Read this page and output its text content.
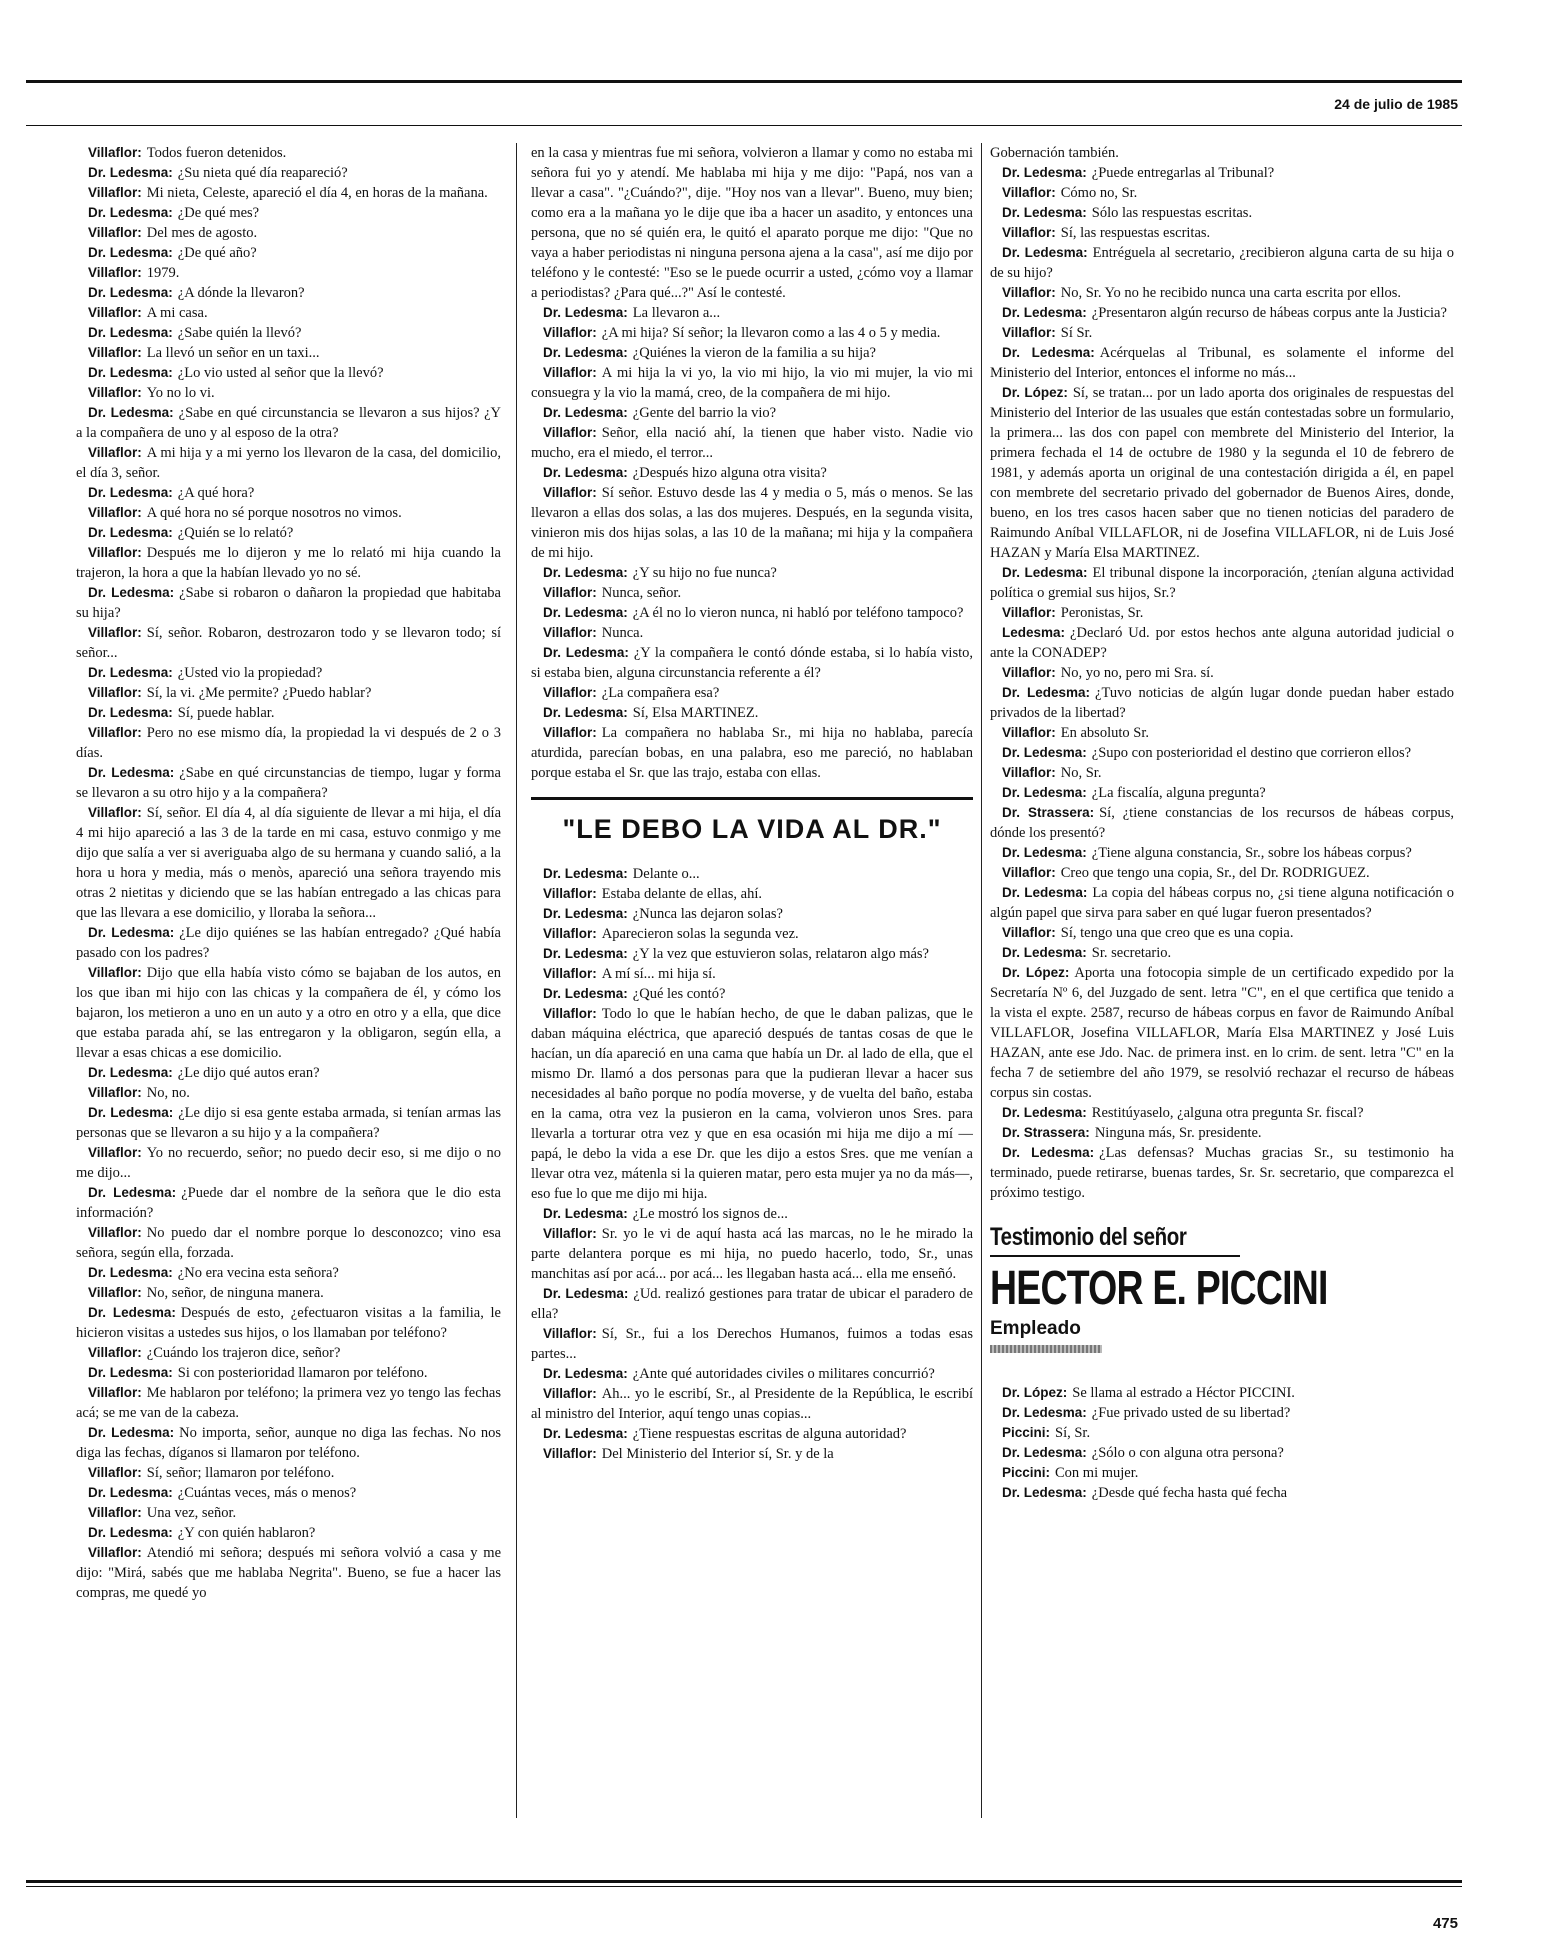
24 de julio de 1985

Villaflor: Todos fueron detenidos.

Dr. Ledesma: ¿Su nieta qué día reapareció?

Villaflor: Mi nieta, Celeste, apareció el día 4, en horas de la mañana.

Dr. Ledesma: ¿De qué mes?

Villaflor: Del mes de agosto.

Dr. Ledesma: ¿De qué año?

Villaflor: 1979.

Dr. Ledesma: ¿A dónde la llevaron?

Villaflor: A mi casa.

Dr. Ledesma: ¿Sabe quién la llevó?

Villaflor: La llevó un señor en un taxi...

Dr. Ledesma: ¿Lo vio usted al señor que la llevó?

Villaflor: Yo no lo vi.

Dr. Ledesma: ¿Sabe en qué circunstancia se llevaron a sus hijos? ¿Y a la compañera de uno y al esposo de la otra?

Villaflor: A mi hija y a mi yerno los llevaron de la casa, del domicilio, el día 3, señor.

Dr. Ledesma: ¿A qué hora?

Villaflor: A qué hora no sé porque nosotros no vimos.

Dr. Ledesma: ¿Quién se lo relató?

Villaflor: Después me lo dijeron y me lo relató mi hija cuando la trajeron, la hora a que la habían llevado yo no sé.

Dr. Ledesma: ¿Sabe si robaron o dañaron la propiedad que habitaba su hija?

Villaflor: Sí, señor. Robaron, destrozaron todo y se llevaron todo; sí señor...

Dr. Ledesma: ¿Usted vio la propiedad?

Villaflor: Sí, la vi. ¿Me permite? ¿Puedo hablar?

Dr. Ledesma: Sí, puede hablar.

Villaflor: Pero no ese mismo día, la propiedad la vi después de 2 o 3 días.

Dr. Ledesma: ¿Sabe en qué circunstancias de tiempo, lugar y forma se llevaron a su otro hijo y a la compañera?

Villaflor: Sí, señor. El día 4, al día siguiente de llevar a mi hija, el día 4 mi hijo apareció a las 3 de la tarde en mi casa, estuvo conmigo y me dijo que salía a ver si averiguaba algo de su hermana y cuando salió, a la hora u hora y media, más o menòs, apareció una señora trayendo mis otras 2 nietitas y diciendo que se las habían entregado a las chicas para que las llevara a ese domicilio, y lloraba la señora...

Dr. Ledesma: ¿Le dijo quiénes se las habían entregado? ¿Qué había pasado con los padres?

Villaflor: Dijo que ella había visto cómo se bajaban de los autos, en los que iban mi hijo con las chicas y la compañera de él, y cómo los bajaron, los metieron a uno en un auto y a otro en otro y a ella, que dice que estaba parada ahí, se las entregaron y la obligaron, según ella, a llevar a esas chicas a ese domicilio.

Dr. Ledesma: ¿Le dijo qué autos eran?

Villaflor: No, no.

Dr. Ledesma: ¿Le dijo si esa gente estaba armada, si tenían armas las personas que se llevaron a su hijo y a la compañera?

Villaflor: Yo no recuerdo, señor; no puedo decir eso, si me dijo o no me dijo...

Dr. Ledesma: ¿Puede dar el nombre de la señora que le dio esta información?

Villaflor: No puedo dar el nombre porque lo desconozco; vino esa señora, según ella, forzada.

Dr. Ledesma: ¿No era vecina esta señora?

Villaflor: No, señor, de ninguna manera.

Dr. Ledesma: Después de esto, ¿efectuaron visitas a la familia, le hicieron visitas a ustedes sus hijos, o los llamaban por teléfono?

Villaflor: ¿Cuándo los trajeron dice, señor?

Dr. Ledesma: Si con posterioridad llamaron por teléfono.

Villaflor: Me hablaron por teléfono; la primera vez yo tengo las fechas acá; se me van de la cabeza.

Dr. Ledesma: No importa, señor, aunque no diga las fechas. No nos diga las fechas, díganos si llamaron por teléfono.

Villaflor: Sí, señor; llamaron por teléfono.

Dr. Ledesma: ¿Cuántas veces, más o menos?

Villaflor: Una vez, señor.

Dr. Ledesma: ¿Y con quién hablaron?

Villaflor: Atendió mi señora; después mi señora volvió a casa y me dijo: "Mirá, sabés que me hablaba Negrita". Bueno, se fue a hacer las compras, me quedé yo

en la casa y mientras fue mi señora, volvieron a llamar y como no estaba mi señora fui yo y atendí. Me hablaba mi hija y me dijo: "Papá, nos van a llevar a casa". "¿Cuándo?", dije. "Hoy nos van a llevar". Bueno, muy bien; como era a la mañana yo le dije que iba a hacer un asadito, y entonces una persona, que no sé quién era, le quitó el aparato porque me dijo: "Que no vaya a haber periodistas ni ninguna persona ajena a la casa", así me dijo por teléfono y le contesté: "Eso se le puede ocurrir a usted, ¿cómo voy a llamar a periodistas? ¿Para qué...?" Así le contesté.

Dr. Ledesma: La llevaron a...

Villaflor: ¿A mi hija? Sí señor; la llevaron como a las 4 o 5 y media.

Dr. Ledesma: ¿Quiénes la vieron de la familia a su hija?

Villaflor: A mi hija la vi yo, la vio mi hijo, la vio mi mujer, la vio mi consuegra y la vio la mamá, creo, de la compañera de mi hijo.

Dr. Ledesma: ¿Gente del barrio la vio?

Villaflor: Señor, ella nació ahí, la tienen que haber visto. Nadie vio mucho, era el miedo, el terror...

Dr. Ledesma: ¿Después hizo alguna otra visita?

Villaflor: Sí señor. Estuvo desde las 4 y media o 5, más o menos. Se las llevaron a ellas dos solas, a las dos mujeres. Después, en la segunda visita, vinieron mis dos hijas solas, a las 10 de la mañana; mi hija y la compañera de mi hijo.

Dr. Ledesma: ¿Y su hijo no fue nunca?

Villaflor: Nunca, señor.

Dr. Ledesma: ¿A él no lo vieron nunca, ni habló por teléfono tampoco?

Villaflor: Nunca.

Dr. Ledesma: ¿Y la compañera le contó dónde estaba, si lo había visto, si estaba bien, alguna circunstancia referente a él?

Villaflor: ¿La compañera esa?

Dr. Ledesma: Sí, Elsa MARTINEZ.

Villaflor: La compañera no hablaba Sr., mi hija no hablaba, parecía aturdida, parecían bobas, en una palabra, eso me pareció, no hablaban porque estaba el Sr. que las trajo, estaba con ellas.

"LE DEBO LA VIDA AL DR."

Dr. Ledesma: Delante o...

Villaflor: Estaba delante de ellas, ahí.

Dr. Ledesma: ¿Nunca las dejaron solas?

Villaflor: Aparecieron solas la segunda vez.

Dr. Ledesma: ¿Y la vez que estuvieron solas, relataron algo más?

Villaflor: A mí sí... mi hija sí.

Dr. Ledesma: ¿Qué les contó?

Villaflor: Todo lo que le habían hecho, de que le daban palizas, que le daban máquina eléctrica, que apareció después de tantas cosas de que le hacían, un día apareció en una cama que había un Dr. al lado de ella, que el mismo Dr. llamó a dos personas para que la pudieran llevar a hacer sus necesidades al baño porque no podía moverse, y de vuelta del baño, estaba en la cama, otra vez la pusieron en la cama, volvieron unos Sres. para llevarla a torturar otra vez y que en esa ocasión mi hija me dijo a mí —papá, le debo la vida a ese Dr. que les dijo a estos Sres. que me venían a llevar otra vez, mátenla si la quieren matar, pero esta mujer ya no da más—, eso fue lo que me dijo mi hija.

Dr. Ledesma: ¿Le mostró los signos de...

Villaflor: Sr. yo le vi de aquí hasta acá las marcas, no le he mirado la parte delantera porque es mi hija, no puedo hacerlo, todo, Sr., unas manchitas así por acá... por acá... les llegaban hasta acá... ella me enseñó.

Dr. Ledesma: ¿Ud. realizó gestiones para tratar de ubicar el paradero de ella?

Villaflor: Sí, Sr., fui a los Derechos Humanos, fuimos a todas esas partes...

Dr. Ledesma: ¿Ante qué autoridades civiles o militares concurrió?

Villaflor: Ah... yo le escribí, Sr., al Presidente de la República, le escribí al ministro del Interior, aquí tengo unas copias...

Dr. Ledesma: ¿Tiene respuestas escritas de alguna autoridad?

Villaflor: Del Ministerio del Interior sí, Sr. y de la

Gobernación también.

Dr. Ledesma: ¿Puede entregarlas al Tribunal?

Villaflor: Cómo no, Sr.

Dr. Ledesma: Sólo las respuestas escritas.

Villaflor: Sí, las respuestas escritas.

Dr. Ledesma: Entréguela al secretario, ¿recibieron alguna carta de su hija o de su hijo?

Villaflor: No, Sr. Yo no he recibido nunca una carta escrita por ellos.

Dr. Ledesma: ¿Presentaron algún recurso de hábeas corpus ante la Justicia?

Villaflor: Sí Sr.

Dr. Ledesma: Acérquelas al Tribunal, es solamente el informe del Ministerio del Interior, entonces el informe no más...

Dr. López: Sí, se tratan... por un lado aporta dos originales de respuestas del Ministerio del Interior de las usuales que están contestadas sobre un formulario, la primera... las dos con papel con membrete del Ministerio del Interior, la primera fechada el 14 de octubre de 1980 y la segunda el 10 de febrero de 1981, y además aporta un original de una contestación dirigida a él, en papel con membrete del secretario privado del gobernador de Buenos Aires, donde, bueno, en los tres casos hacen saber que no tienen noticias del paradero de Raimundo Aníbal VILLAFLOR, ni de Josefina VILLAFLOR, ni de Luis José HAZAN y María Elsa MARTINEZ.

Dr. Ledesma: El tribunal dispone la incorporación, ¿tenían alguna actividad política o gremial sus hijos, Sr.?

Villaflor: Peronistas, Sr.

Ledesma: ¿Declaró Ud. por estos hechos ante alguna autoridad judicial o ante la CONADEP?

Villaflor: No, yo no, pero mi Sra. sí.

Dr. Ledesma: ¿Tuvo noticias de algún lugar donde puedan haber estado privados de la libertad?

Villaflor: En absoluto Sr.

Dr. Ledesma: ¿Supo con posterioridad el destino que corrieron ellos?

Villaflor: No, Sr.

Dr. Ledesma: ¿La fiscalía, alguna pregunta?

Dr. Strassera: Sí, ¿tiene constancias de los recursos de hábeas corpus, dónde los presentó?

Dr. Ledesma: ¿Tiene alguna constancia, Sr., sobre los hábeas corpus?

Villaflor: Creo que tengo una copia, Sr., del Dr. RODRIGUEZ.

Dr. Ledesma: La copia del hábeas corpus no, ¿si tiene alguna notificación o algún papel que sirva para saber en qué lugar fueron presentados?

Villaflor: Sí, tengo una que creo que es una copia.

Dr. Ledesma: Sr. secretario.

Dr. López: Aporta una fotocopia simple de un certificado expedido por la Secretaría Nº 6, del Juzgado de sent. letra "C", en el que certifica que tenido a la vista el expte. 2587, recurso de hábeas corpus en favor de Raimundo Aníbal VILLAFLOR, Josefina VILLAFLOR, María Elsa MARTINEZ y José Luis HAZAN, ante ese Jdo. Nac. de primera inst. en lo crim. de sent. letra "C" en la fecha 7 de setiembre del año 1979, se resolvió rechazar el recurso de hábeas corpus sin costas.

Dr. Ledesma: Restitúyaselo, ¿alguna otra pregunta Sr. fiscal?

Dr. Strassera: Ninguna más, Sr. presidente.

Dr. Ledesma: ¿Las defensas? Muchas gracias Sr., su testimonio ha terminado, puede retirarse, buenas tardes, Sr. Sr. secretario, que comparezca el próximo testigo.

Testimonio del señor
HECTOR E. PICCINI
Empleado

Dr. López: Se llama al estrado a Héctor PICCINI.

Dr. Ledesma: ¿Fue privado usted de su libertad?

Piccini: Sí, Sr.

Dr. Ledesma: ¿Sólo o con alguna otra persona?

Piccini: Con mi mujer.

Dr. Ledesma: ¿Desde qué fecha hasta qué fecha

475
